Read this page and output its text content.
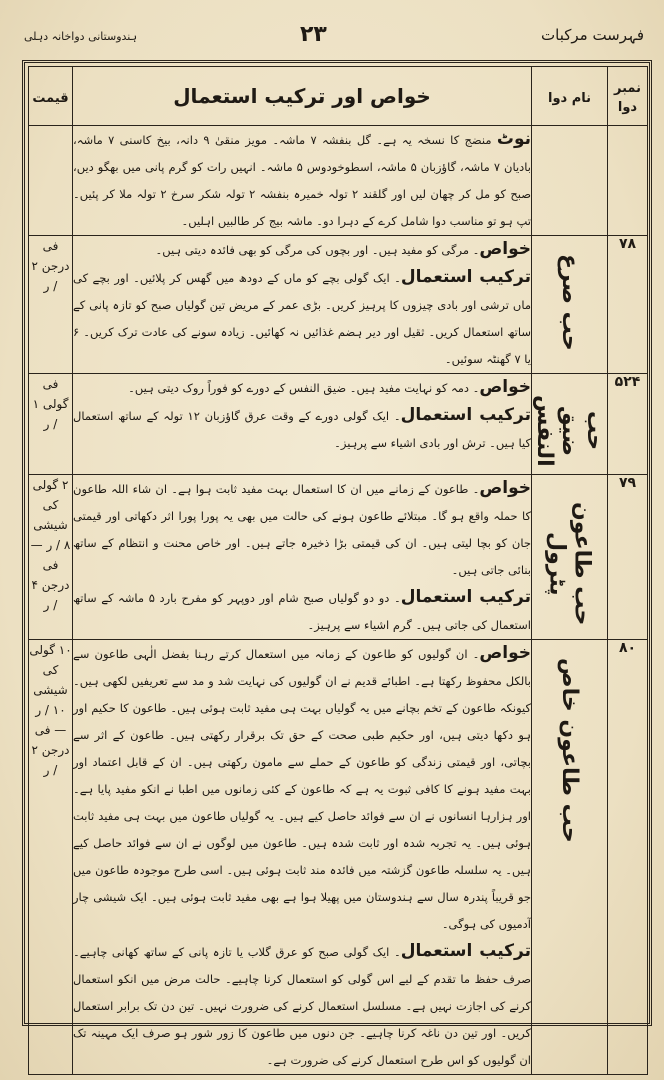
فہرست مرکبات
۲۳
ہندوستانی دواخانہ دہلی
نمبر دوا	نام دوا	خواص اور ترکیب استعمال	قیمت

		نوٹ منضج کا نسخہ یہ ہے۔ گل بنفشہ ۷ ماشہ۔ مویز منقیٰ ۹ دانہ، بیخ کاسنی ۷ ماشہ، بادیان ۷ ماشہ، گاؤزبان ۵ ماشہ، اسطوخودوس ۵ ماشہ۔ انہیں رات کو گرم پانی میں بھگو دیں، صبح کو مل کر چھان لیں اور گلقند ۲ تولہ خمیرہ بنفشہ ۲ تولہ شکر سرخ ۲ تولہ ملا کر پئیں۔ تپ ہو تو مناسب دوا شامل کرے کے دہرا دو۔ ماشہ بیج کر طالبیں اہلیں۔	

۷۸	حب صرع	خواص۔ مرگی کو مفید ہیں۔ اور بچوں کی مرگی کو بھی فائدہ دیتی ہیں۔

ترکیب استعمال۔ ایک گولی بچے کو ماں کے دودھ میں گھس کر پلائیں۔ اور بچے کی ماں ترشی اور بادی چیزوں کا پرہیز کریں۔ بڑی عمر کے مریض تین گولیاں صبح کو تازہ پانی کے ساتھ استعمال کریں۔ ثقیل اور دیر ہضم غذائیں نہ کھائیں۔ زیادہ سونے کی عادت ترک کریں۔ ۶ یا ۷ گھنٹہ سوئیں۔	فی درجن ۲ / ر
۵۲۴	حب ضیق النفس	خواص۔ دمہ کو نہایت مفید ہیں۔ ضیق النفس کے دورے کو فوراً روک دیتی ہیں۔

ترکیب استعمال۔ ایک گولی دورے کے وقت عرق گاؤزبان ۱۲ تولہ کے ساتھ استعمال کیا ہیں۔ ترش اور بادی اشیاء سے پرہیز۔	فی گولی ۱ / ر
۷۹	حب طاعون پٹرول	خواص۔ طاعون کے زمانے میں ان کا استعمال بہت مفید ثابت ہوا ہے۔ ان شاء اللہ طاعون کا حملہ واقع ہو گا۔ مبتلائے طاعون ہونے کی حالت میں بھی یہ پورا پورا اثر دکھاتی اور قیمتی جان کو بچا لیتی ہیں۔ ان کی قیمتی بڑا ذخیرہ جاتے ہیں۔ اور خاص محنت و انتظام کے ساتھ بنائی جاتی ہیں۔

ترکیب استعمال۔ دو دو گولیاں صبح شام اور دوپہر کو مفرح بارد ۵ ماشہ کے ساتھ استعمال کی جاتی ہیں۔ گرم اشیاء سے پرہیز۔	۲ گولی کی شیشی ۸ / ر — فی درجن ۴ / ر
۸۰	حب طاعون خاص	خواص۔ ان گولیوں کو طاعون کے زمانہ میں استعمال کرتے رہنا بفضل الٰہی طاعون سے بالکل محفوظ رکھتا ہے۔ اطبائے قدیم نے ان گولیوں کی نہایت شد و مد سے تعریفیں لکھی ہیں۔ کیونکہ طاعون کے تخم بچانے میں یہ گولیاں بہت ہی مفید ثابت ہوئی ہیں۔ طاعون کا حکیم اور ہو دکھا دیتی ہیں، اور حکیم طبی صحت کے حق تک برقرار رکھتی ہیں۔ طاعون کے اثر سے بچاتی، اور قیمتی زندگی کو طاعون کے حملے سے مامون رکھتی ہیں۔ ان کے قابل اعتماد اور بہت مفید ہونے کا کافی ثبوت یہ ہے کہ طاعون کے کئی زمانوں میں اطبا نے انکو مفید پایا ہے۔ اور ہزارہا انسانوں نے ان سے فوائد حاصل کیے ہیں۔ یہ گولیاں طاعون میں بہت ہی مفید ثابت ہوئی ہیں۔ یہ تجربہ شدہ اور ثابت شدہ ہیں۔ طاعون میں لوگوں نے ان سے فوائد حاصل کیے ہیں۔ یہ سلسلہ طاعون گزشتہ میں فائدہ مند ثابت ہوئی ہیں۔ اسی طرح موجودہ طاعون میں جو قریباً پندرہ سال سے ہندوستان میں پھیلا ہوا ہے بھی مفید ثابت ہوئی ہیں۔ ایک شیشی چار آدمیوں کی ہوگی۔

ترکیب استعمال۔ ایک گولی صبح کو عرق گلاب یا تازہ پانی کے ساتھ کھانی چاہیے۔ صرف حفظ ما تقدم کے لیے اس گولی کو استعمال کرنا چاہیے۔ حالت مرض میں انکو استعمال کرنے کی اجازت نہیں ہے۔ مسلسل استعمال کرنے کی ضرورت نہیں۔ تین دن تک برابر استعمال کریں۔ اور تین دن ناغہ کرنا چاہیے۔ جن دنوں میں طاعون کا زور شور ہو صرف ایک مہینہ تک ان گولیوں کو اس طرح استعمال کرنے کی ضرورت ہے۔	۱۰ گولی کی شیشی ۱۰ / ر — فی درجن ۲ / ر
